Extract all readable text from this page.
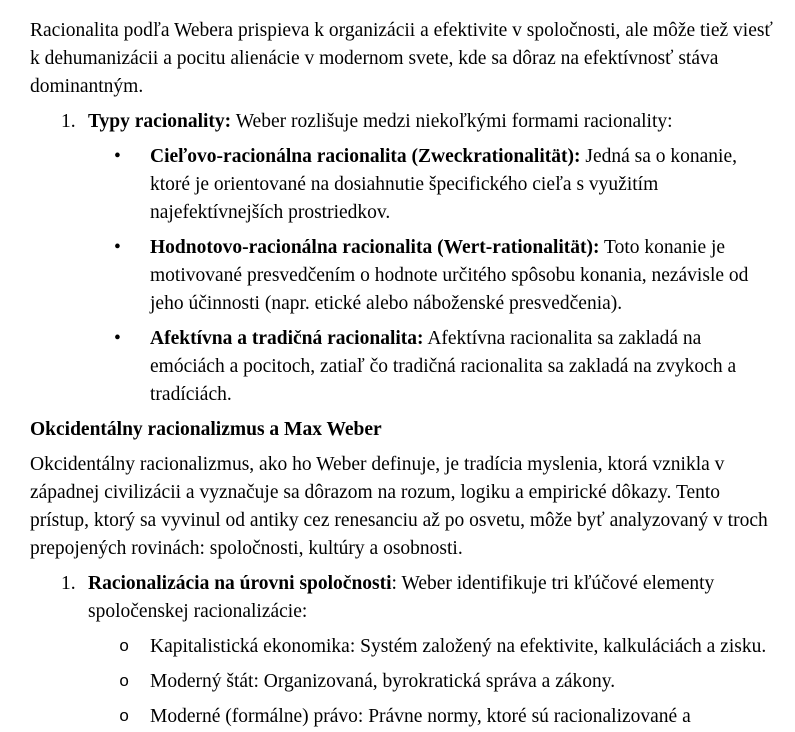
Racionalita podľa Webera prispieva k organizácii a efektivite v spoločnosti, ale môže tiež viesť k dehumanizácii a pocitu alienácie v modernom svete, kde sa dôraz na efektívnosť stáva dominantným.

1. Typy racionality: Weber rozlišuje medzi niekoľkými formami racionality:
• Cieľovo-racionálna racionalita (Zweckrationalität): Jedná sa o konanie, ktoré je orientované na dosiahnutie špecifického cieľa s využitím najefektívnejších prostriedkov.
• Hodnotovo-racionálna racionalita (Wert-rationalität): Toto konanie je motivované presvedčením o hodnote určitého spôsobu konania, nezávisle od jeho účinnosti (napr. etické alebo náboženské presvedčenia).
• Afektívna a tradičná racionalita: Afektívna racionalita sa zakladá na emóciách a pocitoch, zatiaľ čo tradičná racionalita sa zakladá na zvykoch a tradíciách.

Okcidentálny racionalizmus a Max Weber

Okcidentálny racionalizmus, ako ho Weber definuje, je tradícia myslenia, ktorá vznikla v západnej civilizácii a vyznačuje sa dôrazom na rozum, logiku a empirické dôkazy. Tento prístup, ktorý sa vyvinul od antiky cez renesanciu až po osvetu, môže byť analyzovaný v troch prepojených rovinách: spoločnosti, kultúry a osobnosti.

1. Racionalizácia na úrovni spoločnosti: Weber identifikuje tri kľúčové elementy spoločenskej racionalizácie:
o Kapitalistická ekonomika: Systém založený na efektivite, kalkuláciách a zisku.
o Moderný štát: Organizovaná, byrokratická správa a zákony.
o Moderné (formálne) právo: Právne normy, ktoré sú racionalizované a
